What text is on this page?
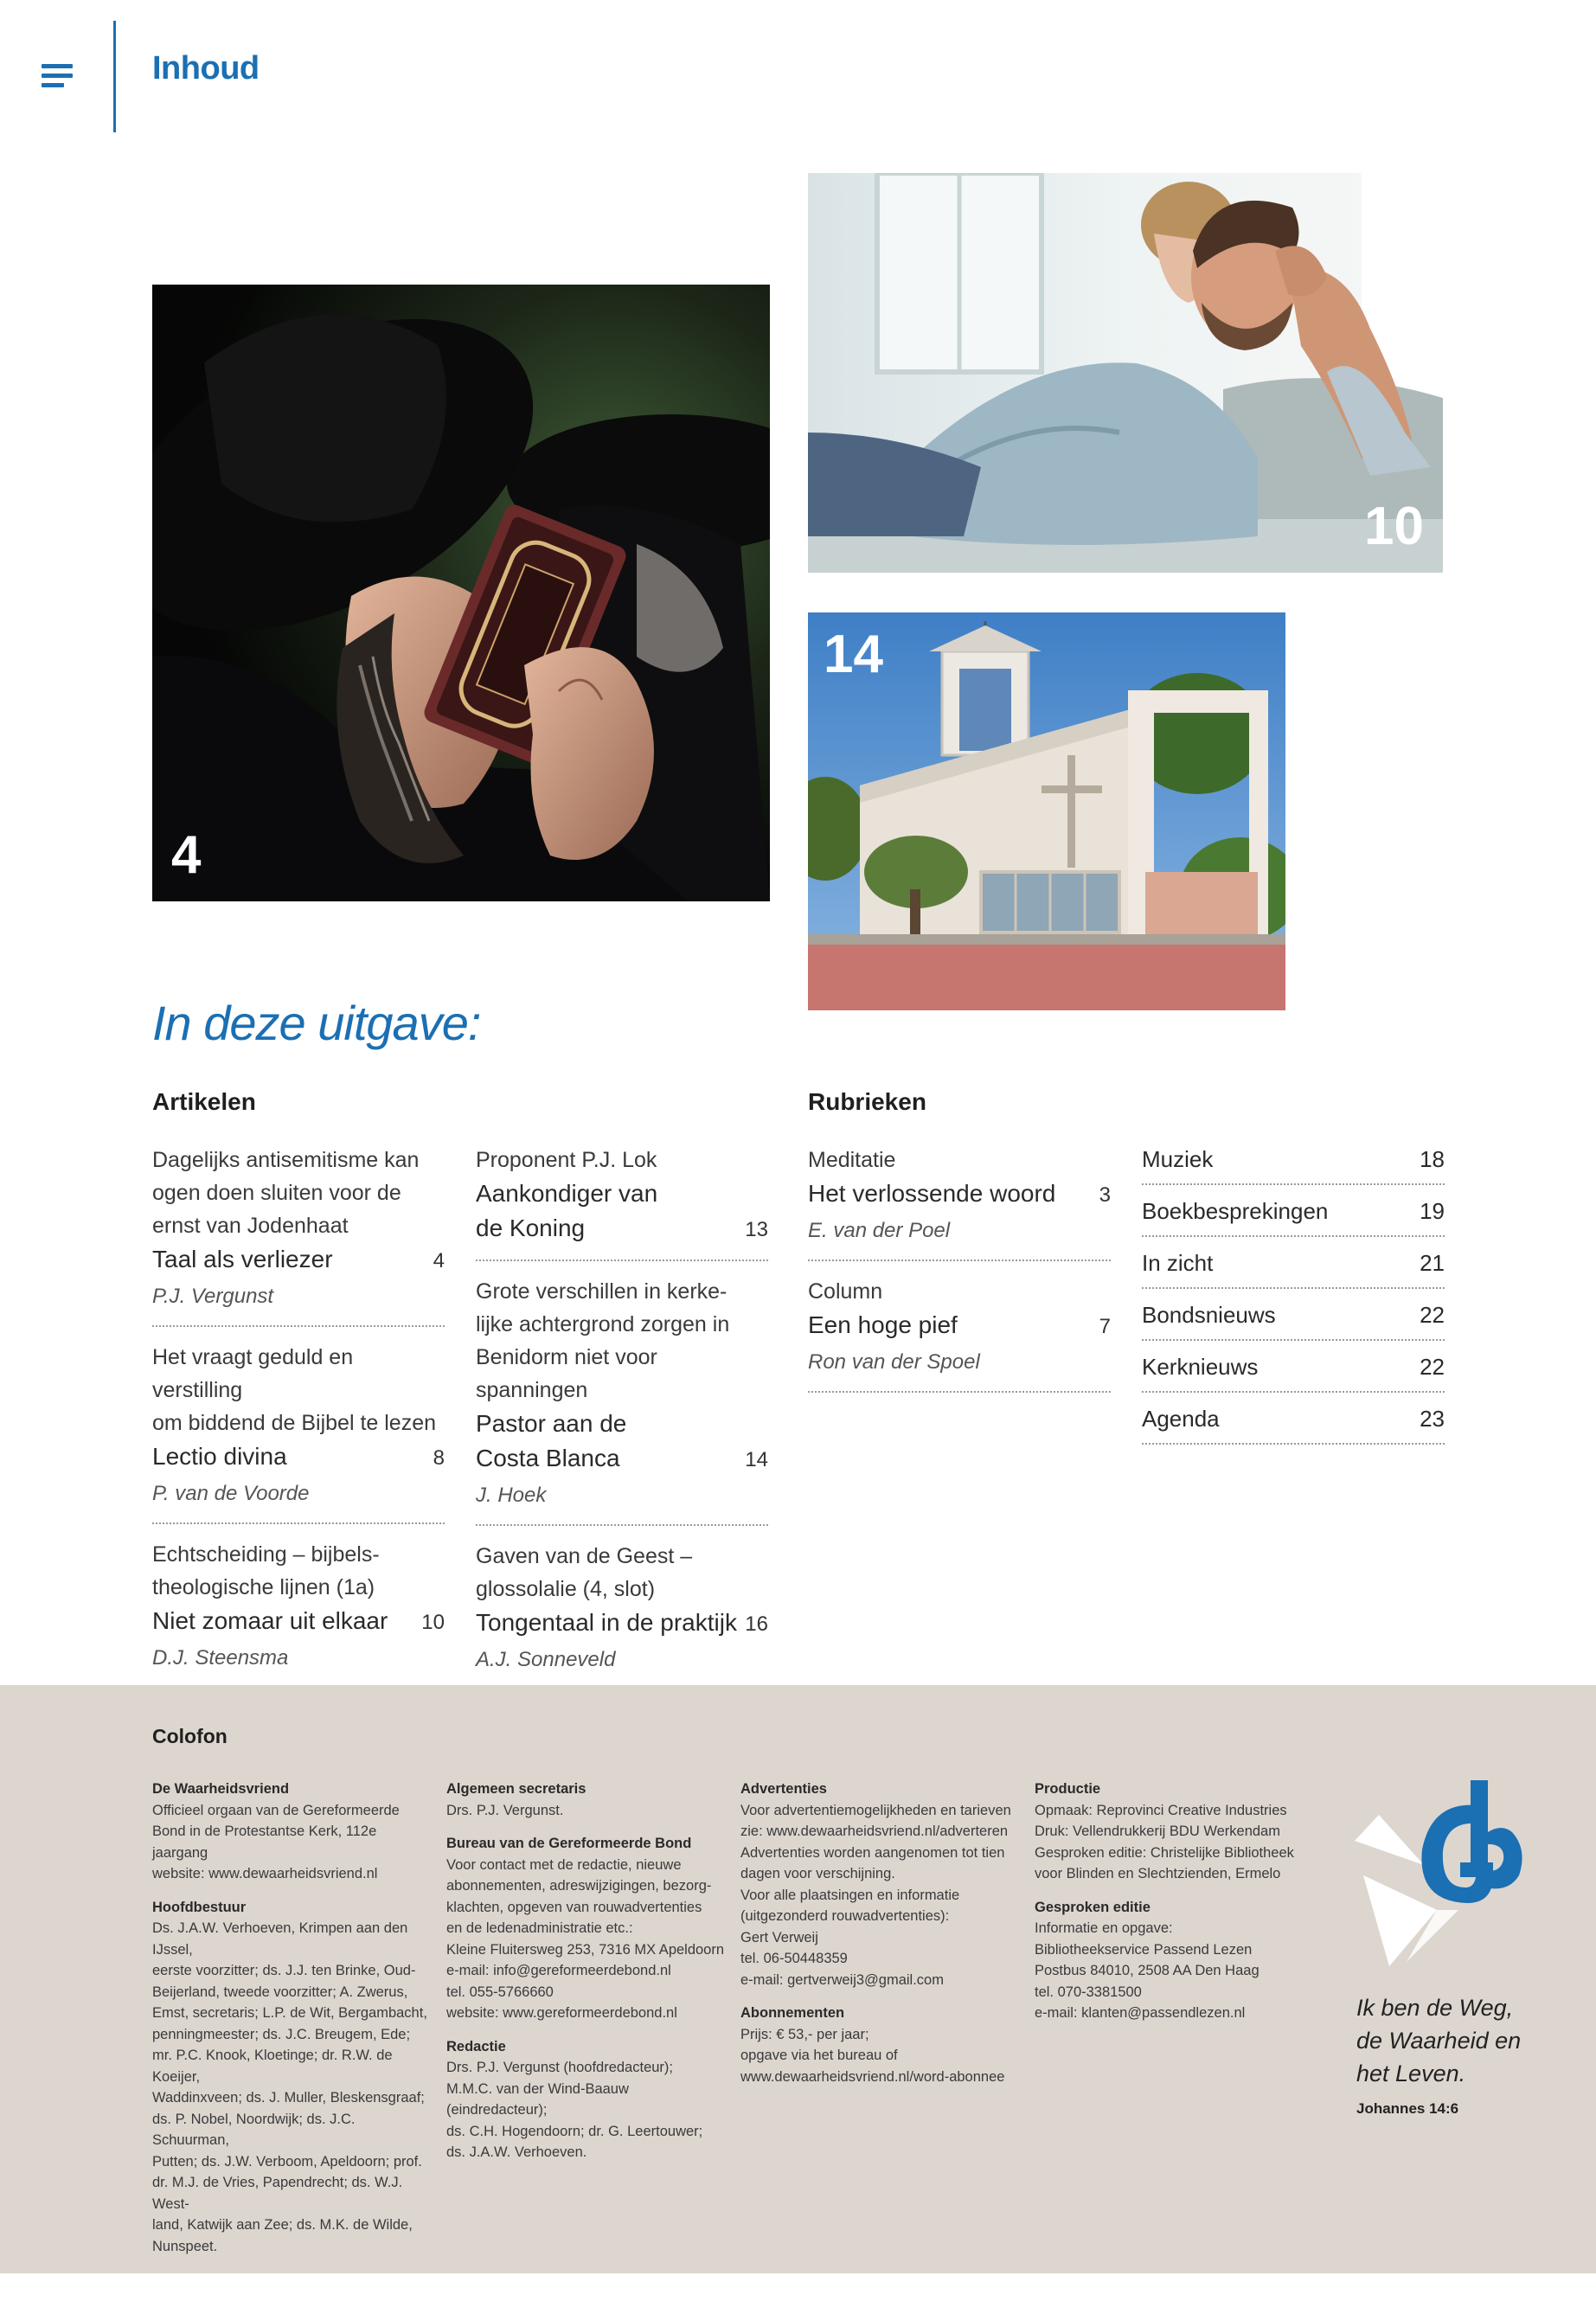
Inhoud
4
10
14
In deze uitgave:
Artikelen	Rubrieken
Dagelijks antisemitisme kan
ogen doen sluiten voor de
ernst van Jodenhaat
Taal als verliezer	4
P.J. Vergunst
Het vraagt geduld en verstilling
om biddend de Bijbel te lezen
Lectio divina	8
P. van de Voorde
Echtscheiding – bijbels-
theologische lijnen (1a)
Niet zomaar uit elkaar 10
D.J. Steensma
Proponent P.J. Lok
Aankondiger van
de Koning	13
Grote verschillen in kerke-
lijke achtergrond zorgen in
Benidorm niet voor spanningen
Pastor aan de
Costa Blanca	14
J. Hoek
Gaven van de Geest –
glossolalie (4, slot)
Tongentaal in de praktijk 16
A.J. Sonneveld
Meditatie
Het verlossende woord 3
E. van der Poel
Column
Een hoge pief	7
Ron van der Spoel
Muziek	18
Boekbesprekingen	19
In zicht	21
Bondsnieuws	22
Kerknieuws	22
Agenda	23
Colofon
De Waarheidsvriend
Officieel orgaan van de Gereformeerde
Bond in de Protestantse Kerk, 112e jaargang
website: www.dewaarheidsvriend.nl
Hoofdbestuur
Ds. J.A.W. Verhoeven, Krimpen aan den IJssel,
eerste voorzitter; ds. J.J. ten Brinke, Oud-
Beijerland, tweede voorzitter; A. Zwerus,
Emst, secretaris; L.P. de Wit, Bergambacht,
penningmeester; ds. J.C. Breugem, Ede;
mr. P.C. Knook, Kloetinge; dr. R.W. de Koeijer,
Waddinxveen; ds. J. Muller, Bleskensgraaf;
ds. P. Nobel, Noordwijk; ds. J.C. Schuurman,
Putten; ds. J.W. Verboom, Apeldoorn; prof.
dr. M.J. de Vries, Papendrecht; ds. W.J. West-
land, Katwijk aan Zee; ds. M.K. de Wilde,
Nunspeet.
Algemeen secretaris
Drs. P.J. Vergunst.
Bureau van de Gereformeerde Bond
Voor contact met de redactie, nieuwe
abonnementen, adreswijzigingen, bezorg-
klachten, opgeven van rouwadvertenties
en de ledenadministratie etc.:
Kleine Fluitersweg 253, 7316 MX Apeldoorn
e-mail: info@gereformeerdebond.nl
tel. 055-5766660
website: www.gereformeerdebond.nl
Redactie
Drs. P.J. Vergunst (hoofdredacteur);
M.M.C. van der Wind-Baauw (eindredacteur);
ds. C.H. Hogendoorn; dr. G. Leertouwer;
ds. J.A.W. Verhoeven.
Advertenties
Voor advertentiemogelijkheden en tarieven
zie: www.dewaarheidsvriend.nl/adverteren
Advertenties worden aangenomen tot tien
dagen voor verschijning.
Voor alle plaatsingen en informatie
(uitgezonderd rouwadvertenties):
Gert Verweij
tel. 06-50448359
e-mail: gertverweij3@gmail.com
Abonnementen
Prijs: € 53,- per jaar;
opgave via het bureau of
www.dewaarheidsvriend.nl/word-abonnee
Productie
Opmaak: Reprovinci Creative Industries
Druk: Vellendrukkerij BDU Werkendam
Gesproken editie: Christelijke Bibliotheek
voor Blinden en Slechtzienden, Ermelo
Gesproken editie
Informatie en opgave:
Bibliotheekservice Passend Lezen
Postbus 84010, 2508 AA Den Haag
tel. 070-3381500
e-mail: klanten@passendlezen.nl	Ik ben de Weg,
de Waarheid en
het Leven.
Johannes 14:6
